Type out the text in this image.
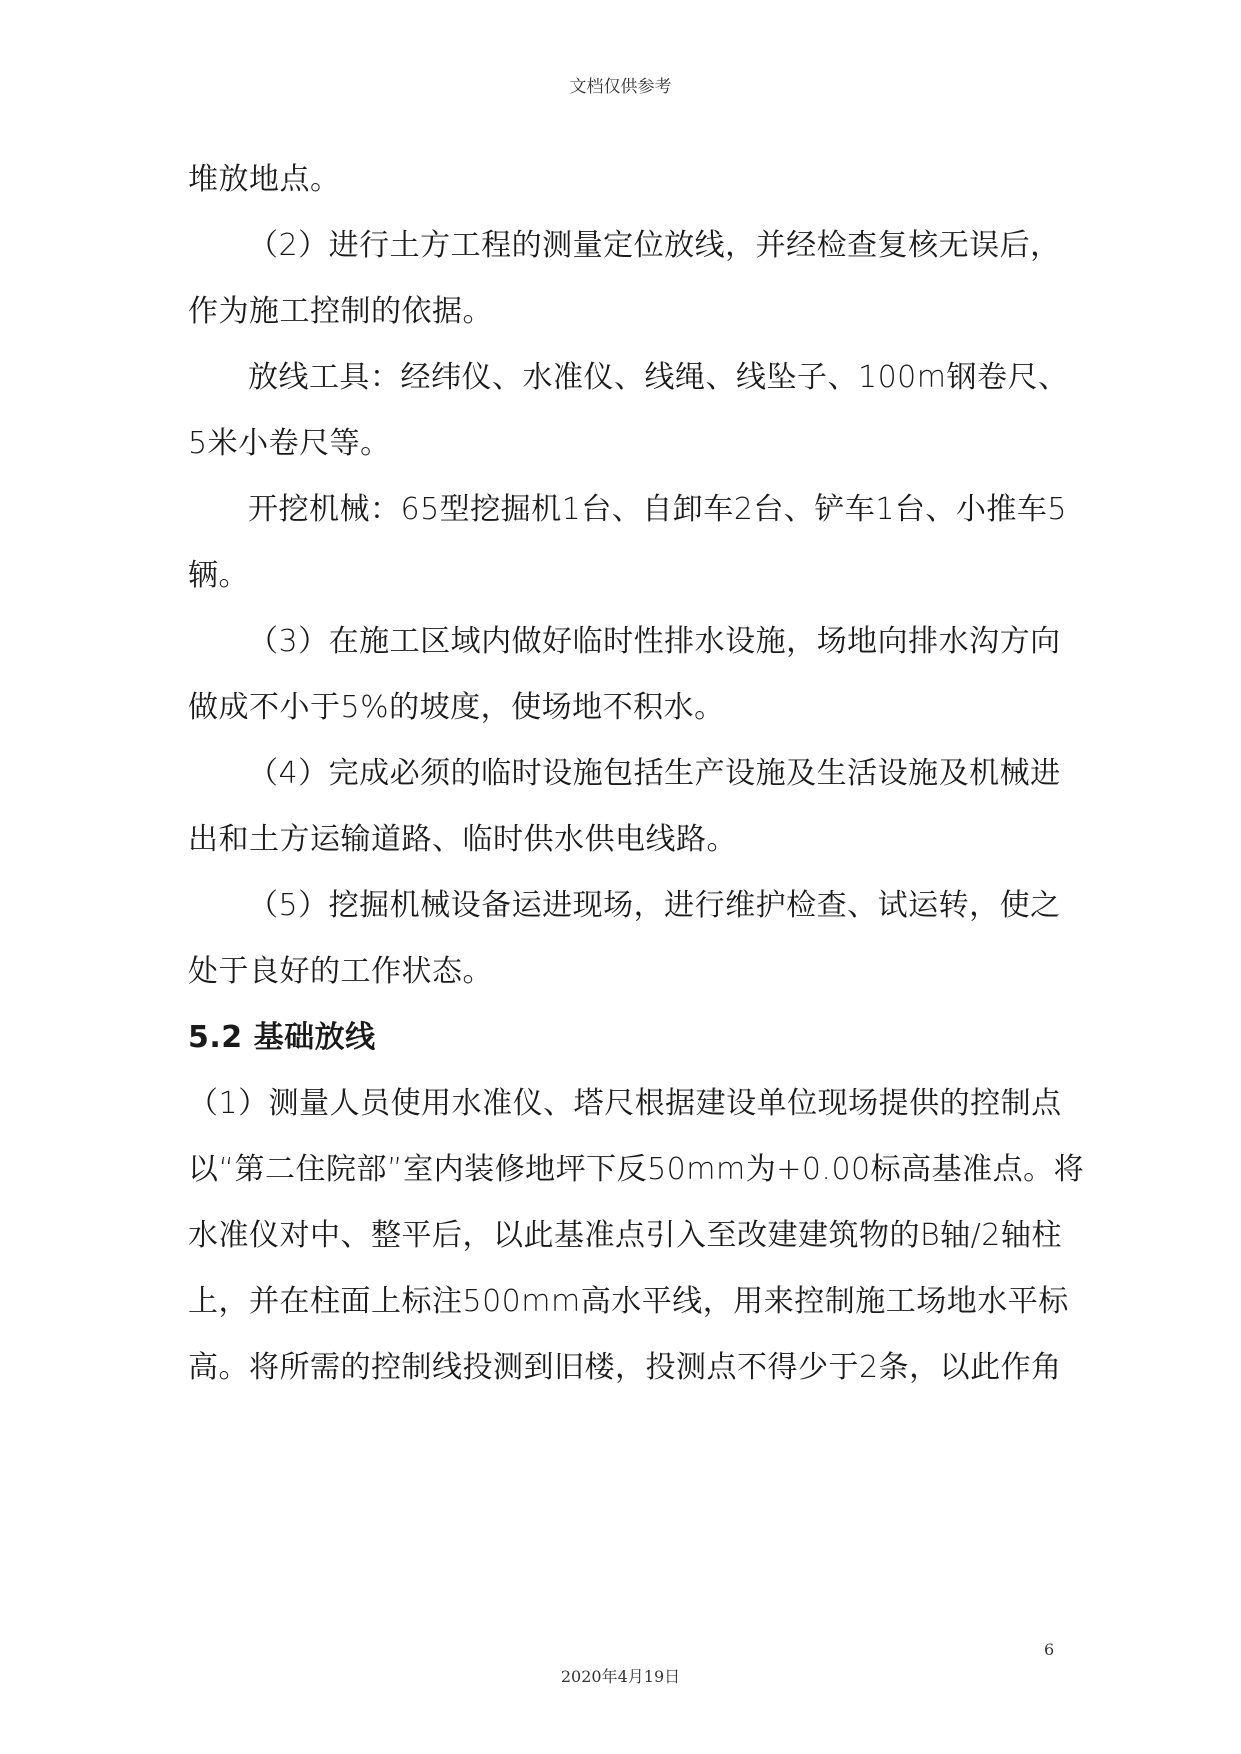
文档仅供参考
堆放地点。
（2）进行土方工程的测量定位放线，并经检查复核无误后，
作为施工控制的依据。
放线工具：经纬仪、水准仪、线绳、线坠子、100m钢卷尺、
5米小卷尺等。
开挖机械：65型挖掘机1台、自卸车2台、铲车1台、小推车5
辆。
（3）在施工区域内做好临时性排水设施，场地向排水沟方向
做成不小于5%的坡度，使场地不积水。
（4）完成必须的临时设施包括生产设施及生活设施及机械进
出和土方运输道路、临时供水供电线路。
（5）挖掘机械设备运进现场，进行维护检查、试运转，使之
处于良好的工作状态。
5.2 基础放线
（1）测量人员使用水准仪、塔尺根据建设单位现场提供的控制点
以“第二住院部”室内装修地坪下反50mm为+0.00标高基准点。将
水准仪对中、整平后，以此基准点引入至改建建筑物的B轴/2轴柱
上，并在柱面上标注500mm高水平线，用来控制施工场地水平标
高。将所需的控制线投测到旧楼，投测点不得少于2条，以此作角
6
2020年4月19日
